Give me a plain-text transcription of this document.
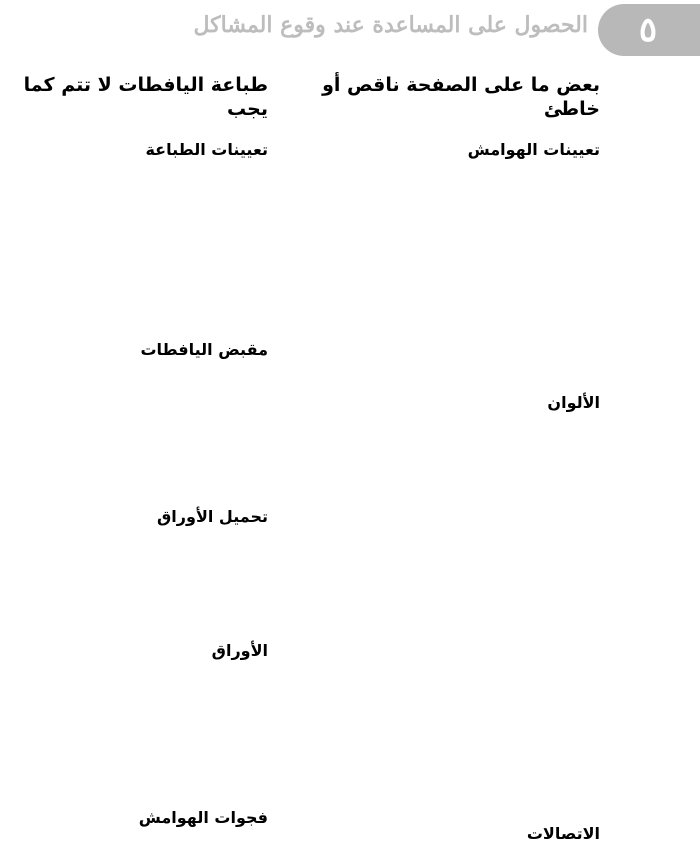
الحصول على المساعدة عند وقوع المشاكل	٥
بعض ما على الصفحة ناقص أو خاطئ
تعيينات الهوامش
الألوان
الاتصالات
طباعة اليافطات لا تتم كما يجب
تعيينات الطباعة
مقبض اليافطات
تحميل الأوراق
الأوراق
فجوات الهوامش
